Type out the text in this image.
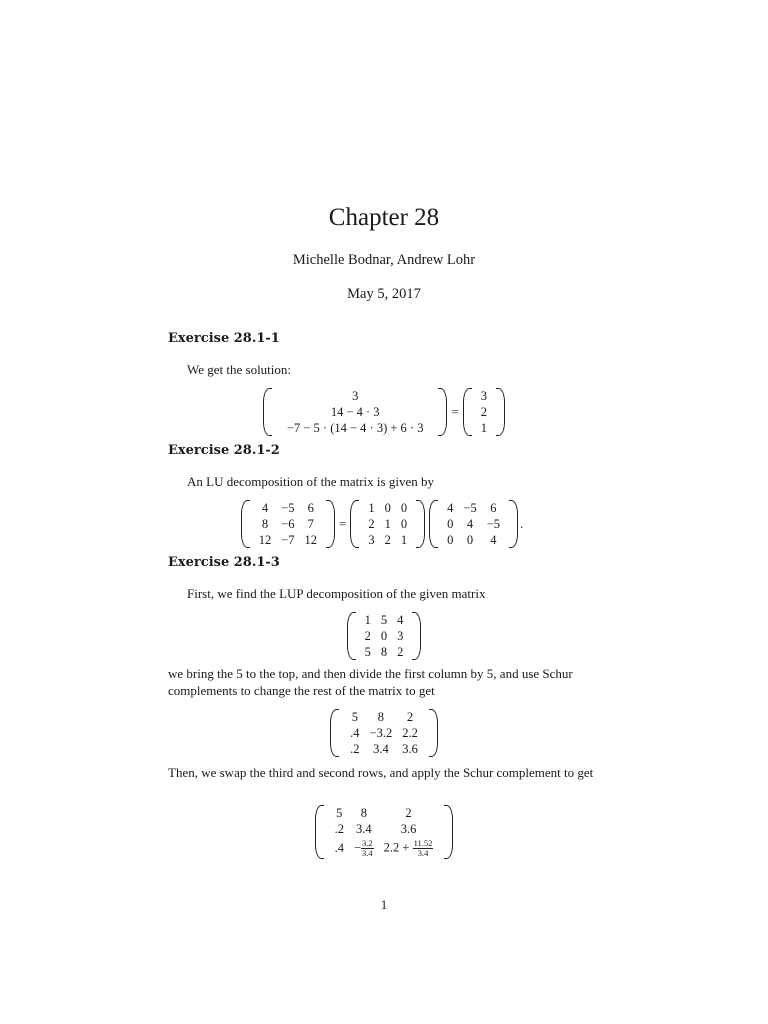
Chapter 28
Michelle Bodnar, Andrew Lohr
May 5, 2017
Exercise 28.1-1
We get the solution:
3
14 − 4 · 3
−7 − 5 · (14 − 4 · 3) + 6 · 3
=
3
2
1
Exercise 28.1-2
An LU decomposition of the matrix is given by
4	−5	6
8	−6	7
12	−7	12
=
1	0	0
2	1	0
3	2	1
4	−5	6
0	4	−5
0	0	4
.
Exercise 28.1-3
First, we find the LUP decomposition of the given matrix
1	5	4
2	0	3
5	8	2
we bring the 5 to the top, and then divide the first column by 5, and use Schur complements to change the rest of the matrix to get
5	8	2
.4	−3.2	2.2
.2	3.4	3.6
Then, we swap the third and second rows, and apply the Schur complement to get
5	8	2
.2	3.4	3.6
.4	− $\frac{3.2}{3.4}$	$2.2 + \frac{11.52}{3.4}$
1
